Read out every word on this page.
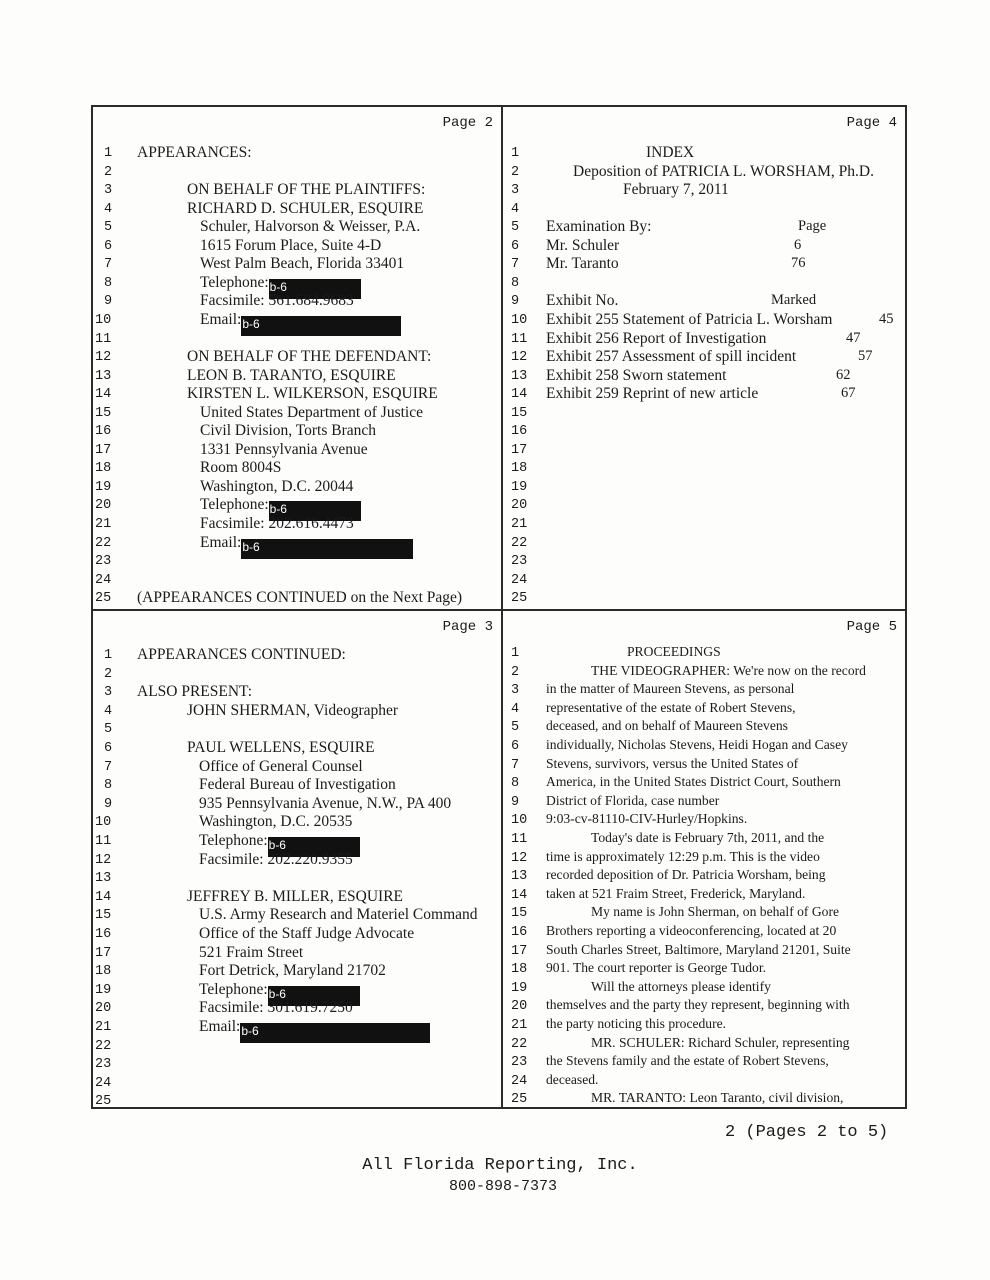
Page 2
1 APPEARANCES:
2
3	ON BEHALF OF THE PLAINTIFFS:
4	RICHARD D. SCHULER, ESQUIRE
5	Schuler, Halvorson & Weisser, P.A.
6	1615 Forum Place, Suite 4-D
7	West Palm Beach, Florida 33401
8	Telephone:b-6
9	Facsimile: 561.684.9683
10	Email:b-6
11
12	ON BEHALF OF THE DEFENDANT:
13	LEON B. TARANTO, ESQUIRE
14	KIRSTEN L. WILKERSON, ESQUIRE
15	United States Department of Justice
16	Civil Division, Torts Branch
17	1331 Pennsylvania Avenue
18	Room 8004S
19	Washington, D.C. 20044
20	Telephone:b-6
21	Facsimile: 202.616.4473
22	Email:b-6
23
24
25 (APPEARANCES CONTINUED on the Next Page)
Page 4
1	INDEX
2	Deposition of PATRICIA L. WORSHAM, Ph.D.
3	February 7, 2011
4
5 Examination By:	Page
6 Mr. Schuler	6
7 Mr. Taranto	76
8
9 Exhibit No.	Marked
10 Exhibit 255 Statement of Patricia L. Worsham	45
11 Exhibit 256 Report of Investigation	47
12 Exhibit 257 Assessment of spill incident	57
13 Exhibit 258 Sworn statement	62
14 Exhibit 259 Reprint of new article	67
15
16
17
18
19
20
21
22
23
24
25
Page 3
1 APPEARANCES CONTINUED:
2
3 ALSO PRESENT:
4	JOHN SHERMAN, Videographer
5
6	PAUL WELLENS, ESQUIRE
7	Office of General Counsel
8	Federal Bureau of Investigation
9	935 Pennsylvania Avenue, N.W., PA 400
10	Washington, D.C. 20535
11	Telephone:b-6
12	Facsimile: 202.220.9355
13
14	JEFFREY B. MILLER, ESQUIRE
15	U.S. Army Research and Materiel Command
16	Office of the Staff Judge Advocate
17	521 Fraim Street
18	Fort Detrick, Maryland 21702
19	Telephone:b-6
20	Facsimile: 301.619.7250
21	Email:b-6
22
23
24
25
Page 5
1	PROCEEDINGS
2	THE VIDEOGRAPHER: We're now on the record
3 in the matter of Maureen Stevens, as personal
4 representative of the estate of Robert Stevens,
5 deceased, and on behalf of Maureen Stevens
6 individually, Nicholas Stevens, Heidi Hogan and Casey
7 Stevens, survivors, versus the United States of
8 America, in the United States District Court, Southern
9 District of Florida, case number
10 9:03-cv-81110-CIV-Hurley/Hopkins.
11	Today's date is February 7th, 2011, and the
12 time is approximately 12:29 p.m. This is the video
13 recorded deposition of Dr. Patricia Worsham, being
14 taken at 521 Fraim Street, Frederick, Maryland.
15	My name is John Sherman, on behalf of Gore
16 Brothers reporting a videoconferencing, located at 20
17 South Charles Street, Baltimore, Maryland 21201, Suite
18 901. The court reporter is George Tudor.
19	Will the attorneys please identify
20 themselves and the party they represent, beginning with
21 the party noticing this procedure.
22	MR. SCHULER: Richard Schuler, representing
23 the Stevens family and the estate of Robert Stevens,
24 deceased.
25	MR. TARANTO: Leon Taranto, civil division,
2 (Pages 2 to 5)
All Florida Reporting, Inc.
800-898-7373
